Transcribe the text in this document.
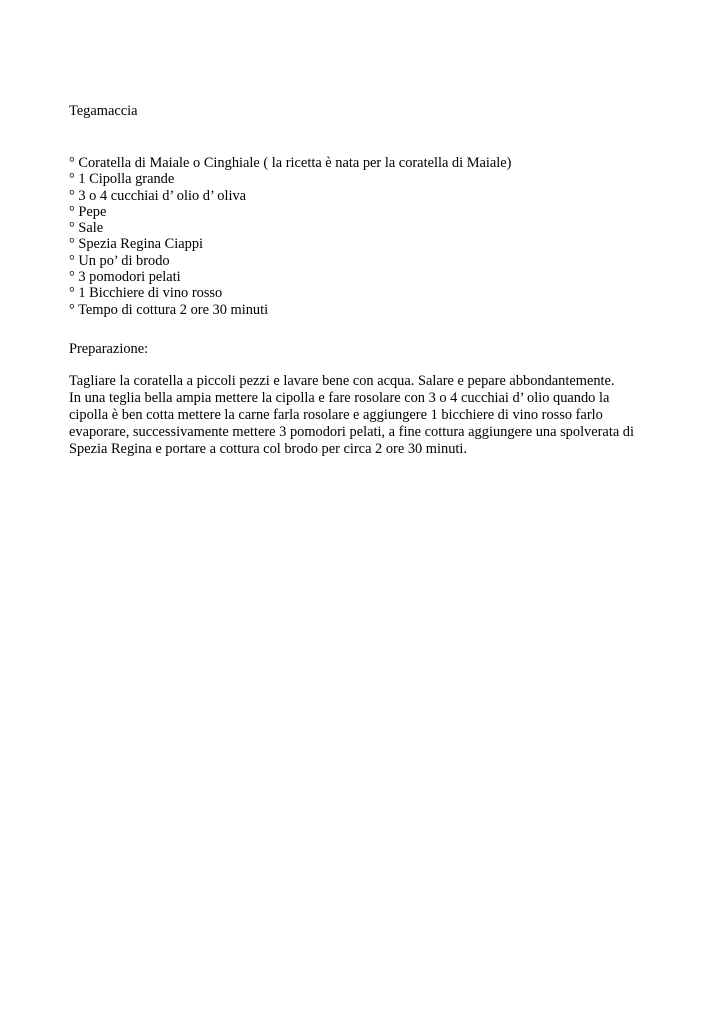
Tegamaccia
° Coratella di Maiale o Cinghiale ( la ricetta è nata per la coratella di Maiale)
° 1 Cipolla grande
° 3 o 4 cucchiai d’ olio d’ oliva
° Pepe
° Sale
° Spezia Regina Ciappi
° Un po’ di brodo
° 3 pomodori pelati
° 1 Bicchiere di vino rosso
° Tempo di cottura 2 ore 30 minuti
Preparazione:

Tagliare la coratella a piccoli pezzi e lavare bene con acqua. Salare e pepare abbondantemente.
In una teglia bella ampia mettere la cipolla e fare rosolare con 3 o 4 cucchiai d’ olio quando la
cipolla è ben cotta mettere la carne farla rosolare e aggiungere 1 bicchiere di vino rosso farlo
evaporare, successivamente mettere 3 pomodori pelati, a fine cottura aggiungere una spolverata di
Spezia Regina e portare a cottura col brodo per circa 2 ore 30 minuti.
